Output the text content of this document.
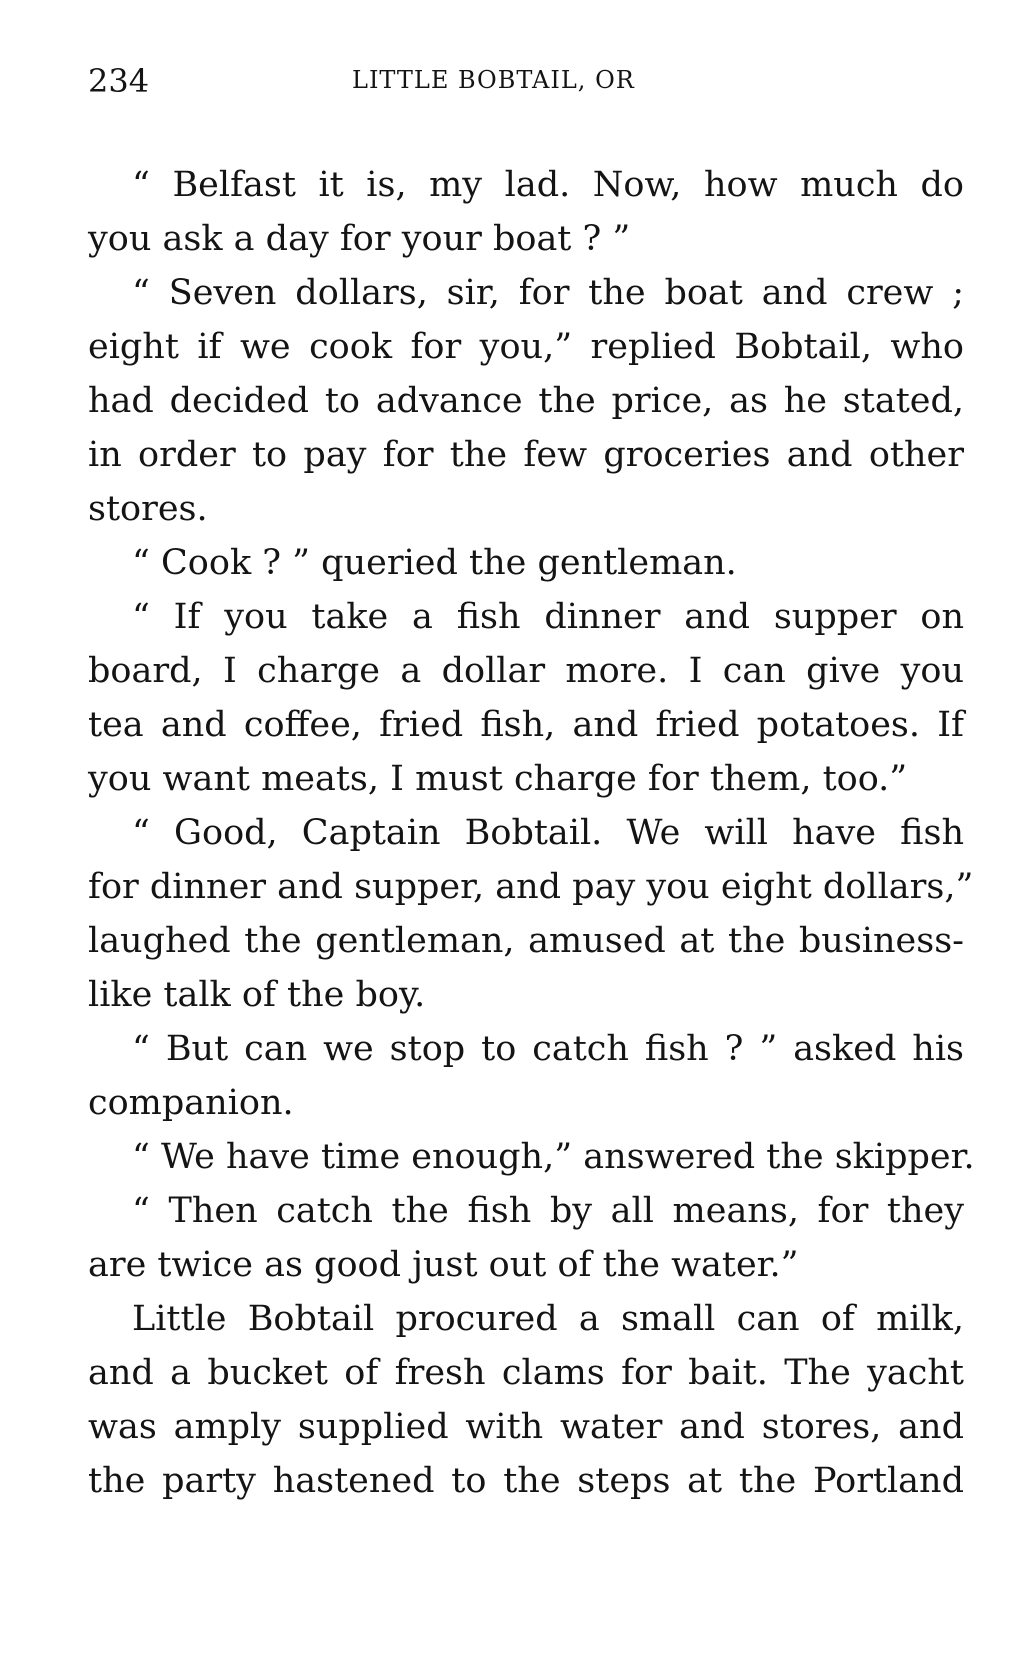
234	LITTLE BOBTAIL, OR
“ Belfast it is, my lad. Now, how much do
you ask a day for your boat ? ”
“ Seven dollars, sir, for the boat and crew ;
eight if we cook for you,” replied Bobtail, who
had decided to advance the price, as he stated,
in order to pay for the few groceries and other
stores.
“ Cook ? ” queried the gentleman.
“ If you take a fish dinner and supper on
board, I charge a dollar more. I can give you
tea and coffee, fried fish, and fried potatoes. If
you want meats, I must charge for them, too.”
“ Good, Captain Bobtail. We will have fish
for dinner and supper, and pay you eight dollars,”
laughed the gentleman, amused at the business-
like talk of the boy.
“ But can we stop to catch fish ? ” asked his
companion.
“ We have time enough,” answered the skipper.
“ Then catch the fish by all means, for they
are twice as good just out of the water.”
Little Bobtail procured a small can of milk,
and a bucket of fresh clams for bait. The yacht
was amply supplied with water and stores, and
the party hastened to the steps at the Portland
